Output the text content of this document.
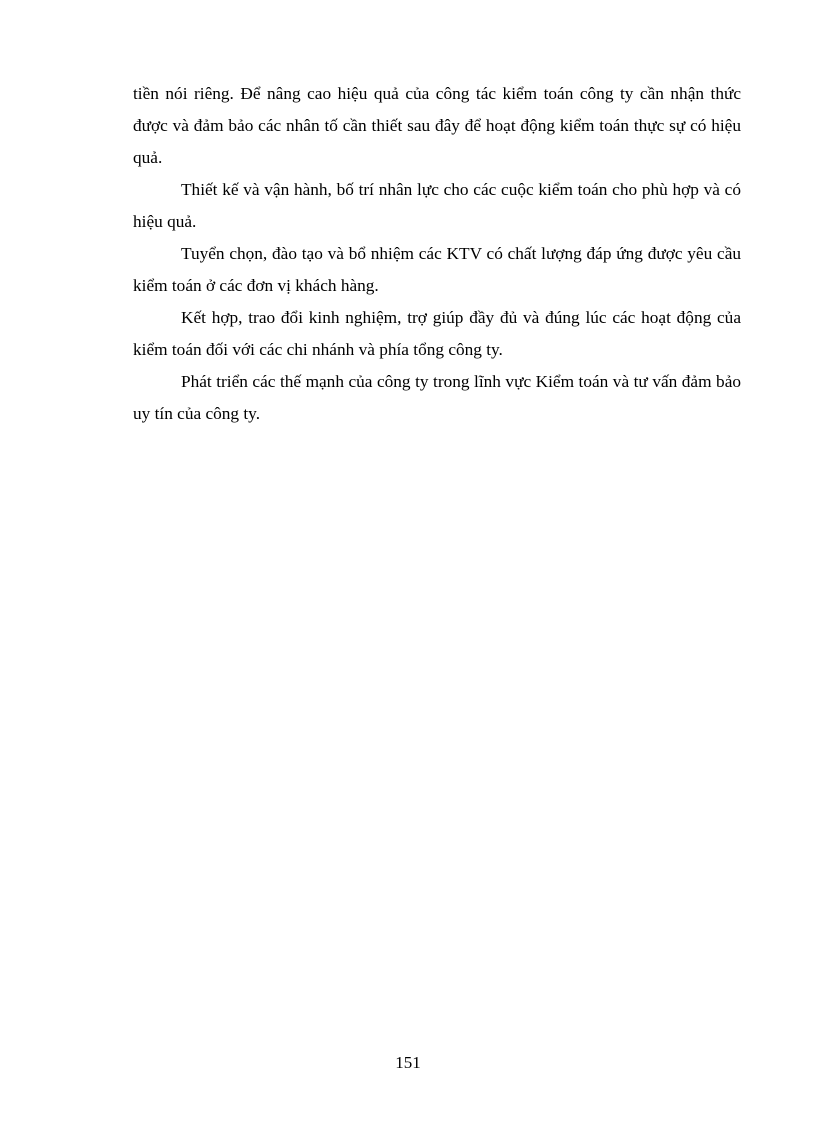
tiền nói riêng. Để nâng cao hiệu quả của công tác kiểm toán công ty cần nhận thức được và đảm bảo các nhân tố cần thiết sau đây để hoạt động kiểm toán thực sự có hiệu quả.

Thiết kế và vận hành, bố trí nhân lực cho các cuộc kiểm toán cho phù hợp và có hiệu quả.

Tuyển chọn, đào tạo và bổ nhiệm các KTV có chất lượng đáp ứng được yêu cầu kiểm toán ở các đơn vị khách hàng.

Kết hợp, trao đổi kinh nghiệm, trợ giúp đầy đủ và đúng lúc các hoạt động của kiểm toán đối với các chi nhánh và phía tổng công ty.

Phát triển các thế mạnh của công ty trong lĩnh vực Kiểm toán và tư vấn đảm bảo uy tín của công ty.

151
